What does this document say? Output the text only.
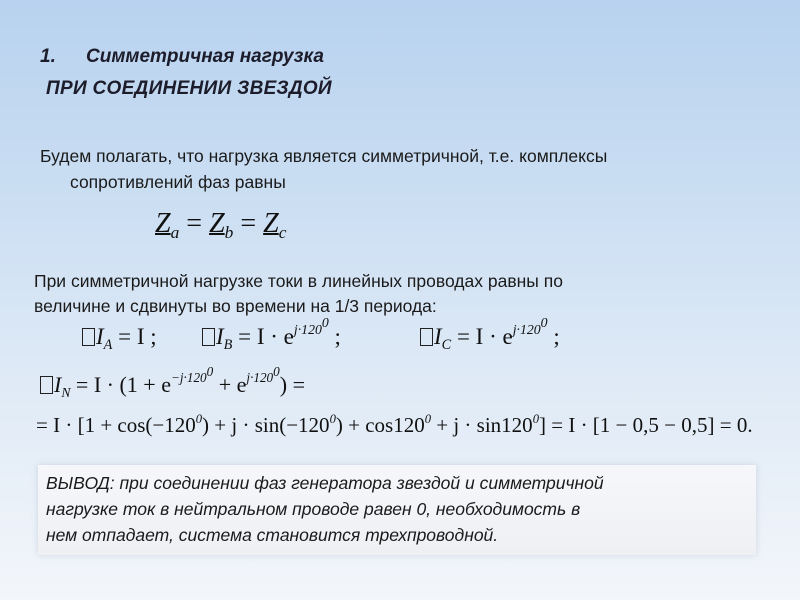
1. Симметричная нагрузка
ПРИ СОЕДИНЕНИИ ЗВЕЗДОЙ
Будем полагать, что нагрузка является симметричной, т.е. комплексы
сопротивлений фаз равны
$Z_a = Z_b = Z_c$
При симметричной нагрузке токи в линейных проводах равны по
величине и сдвинуты во времени на 1/3 периода:
$I_A = I$ ;	$I_B = I \cdot e^{j\cdot 1200}$ ;	$I_C = I \cdot e^{j\cdot 1200}$ ;
$I_N = I \cdot (1 + e^{-j\cdot 1200} + e^{j\cdot 1200})$ =
= $I \cdot [1 + \cos(-120^0) + j \cdot \sin(-120^0) + \cos 120^0 + j \cdot \sin 120^0] = I \cdot [1 - 0,5 - 0,5] = 0$.
ВЫВОД: при соединении фаз генератора звездой и симметричной
нагрузке ток в нейтральном проводе равен 0, необходимость в
нем отпадает, система становится трехпроводной.
